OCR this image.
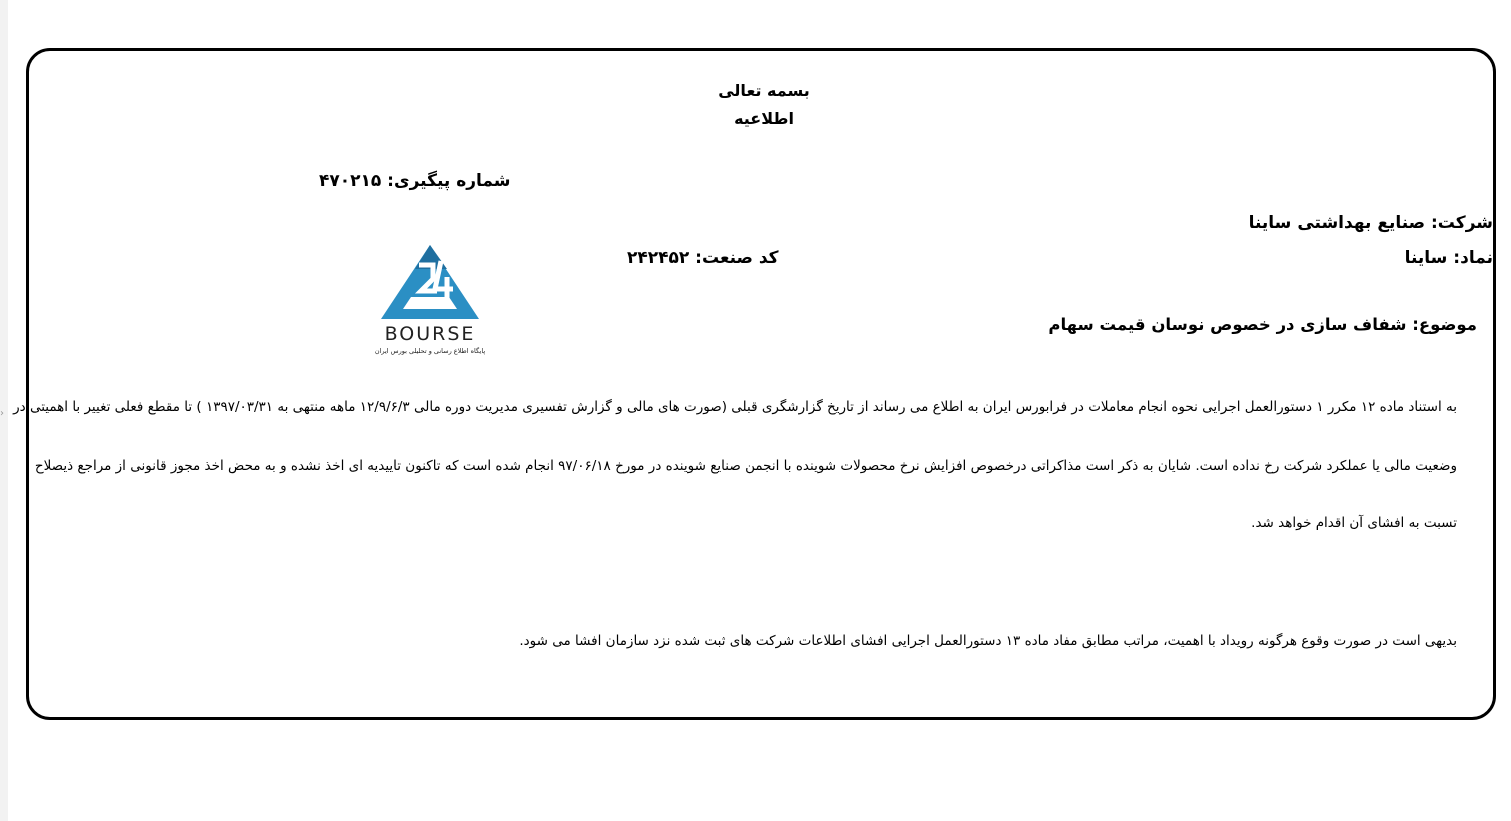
›
بسمه تعالی
اطلاعیه
شماره پیگیری: ۴۷۰۲۱۵
شرکت: صنایع بهداشتی ساینا
نماد: ساینا
کد صنعت: ۲۴۲۴۵۲
BOURSE
پایگاه اطلاع رسانی و تحلیلی بورس ایران
موضوع: شفاف سازی در خصوص نوسان قیمت سهام
به استناد ماده ۱۲ مکرر ۱ دستورالعمل اجرایی نحوه انجام معاملات در فرابورس ایران به اطلاع می رساند از تاریخ گزارشگری قبلی (صورت های مالی و گزارش تفسیری مدیریت دوره مالی ۱۲/۹/۶/۳ ماهه منتهی به ۱۳۹۷/۰۳/۳۱ ) تا مقطع فعلی تغییر با اهمیتی در
وضعیت مالی یا عملکرد شرکت رخ نداده است. شایان به ذکر است مذاکراتی درخصوص افزایش نرخ محصولات شوینده با انجمن صنایع شوینده در مورخ ۹۷/۰۶/۱۸ انجام شده است که تاکنون تاییدیه ای اخذ نشده و به محض اخذ مجوز قانونی از مراجع ذیصلاح
تسبت به افشای آن اقدام خواهد شد.
بدیهی است در صورت وقوع هرگونه رویداد با اهمیت، مراتب مطابق مفاد ماده ۱۳ دستورالعمل اجرایی افشای اطلاعات شرکت های ثبت شده نزد سازمان افشا می شود.
